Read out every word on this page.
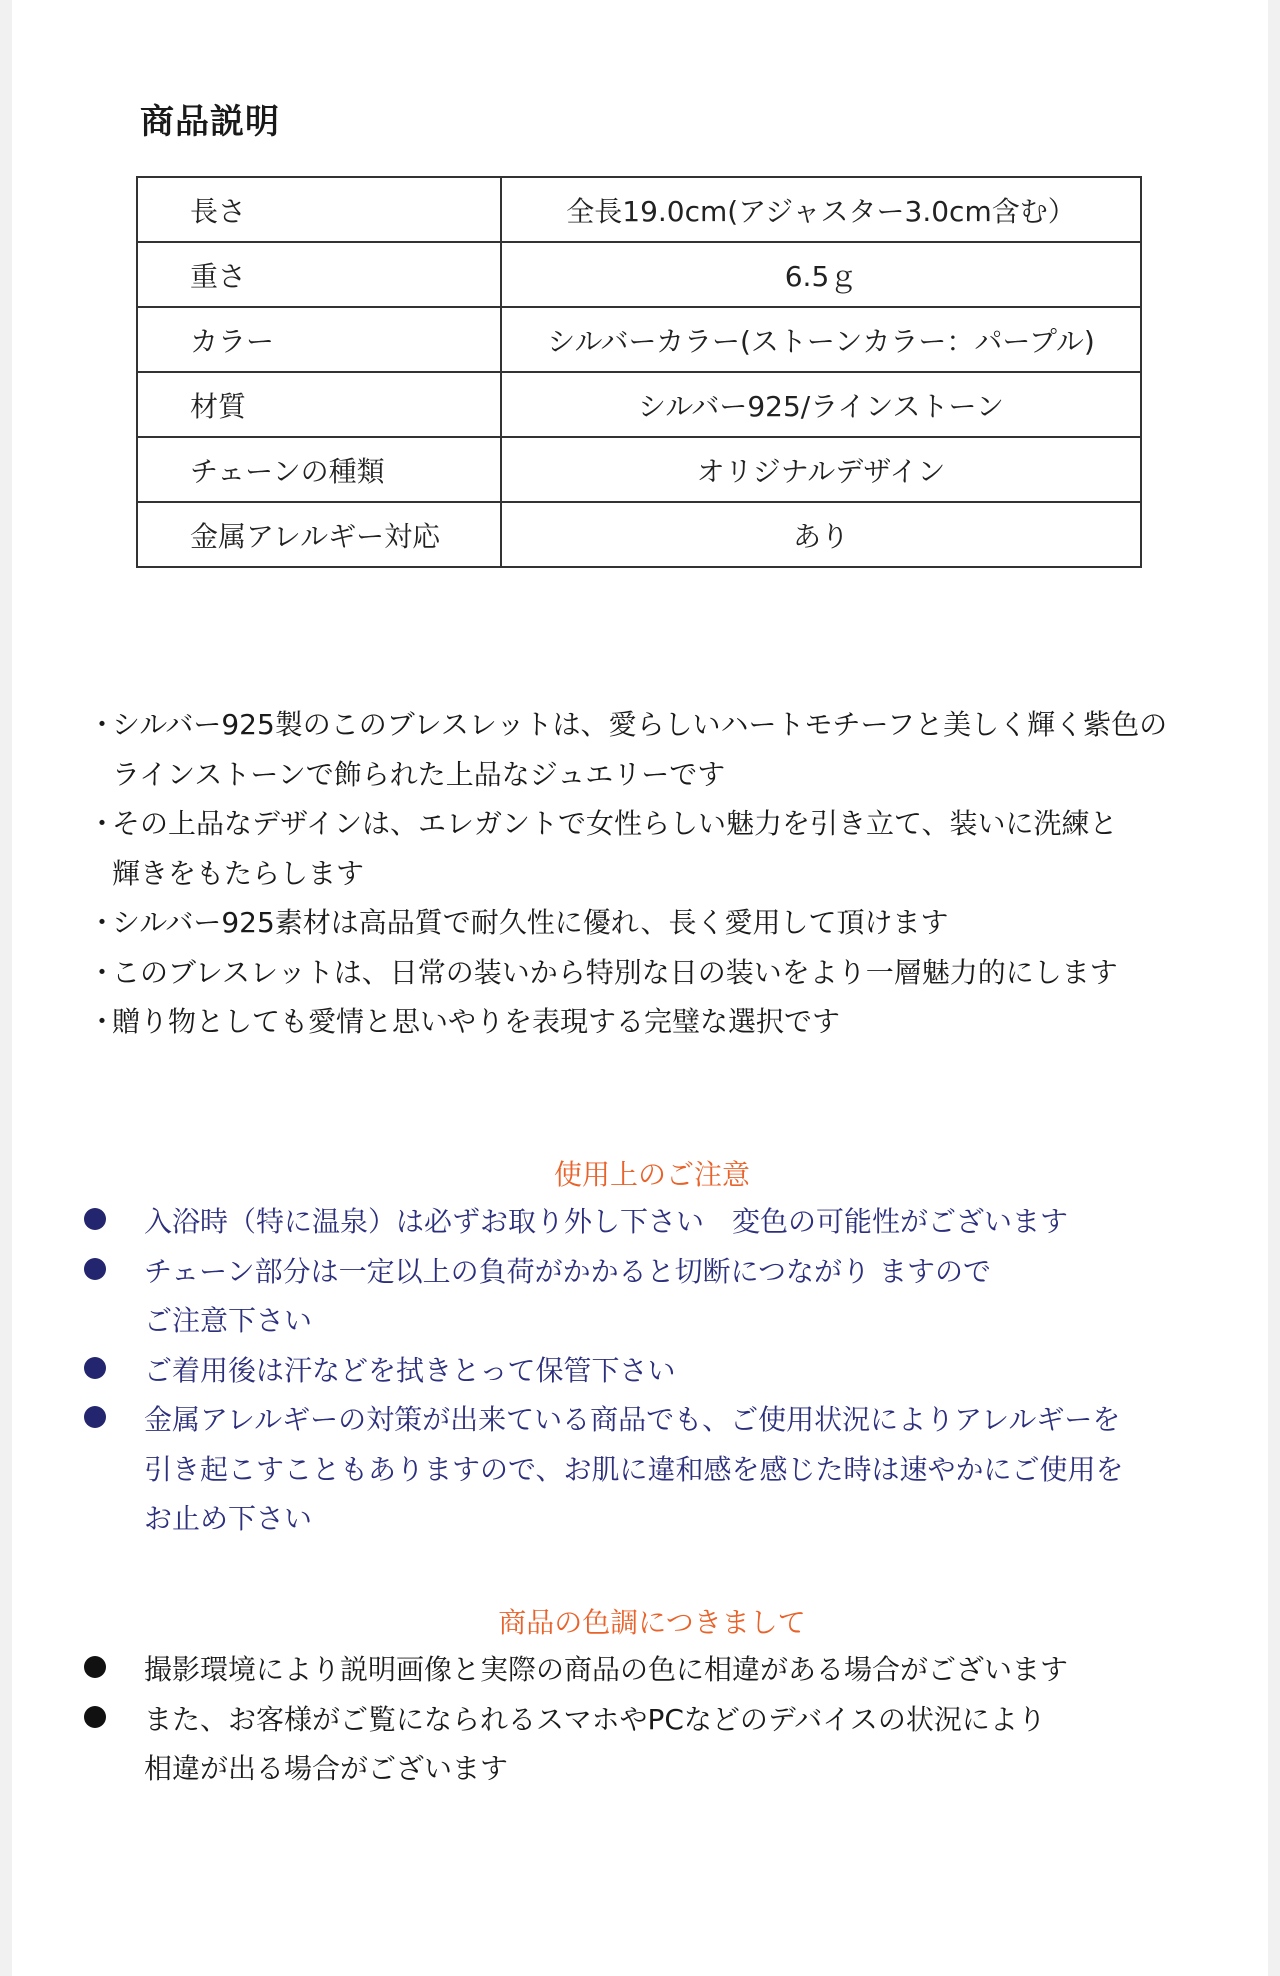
商品説明
長さ	全長19.0cm(アジャスター3.0cm含む）
重さ	6.5ｇ
カラー	シルバーカラー(ストーンカラー：パープル)
材質	シルバー925/ラインストーン
チェーンの種類	オリジナルデザイン
金属アレルギー対応	あり
・
シルバー925製のこのブレスレットは、愛らしいハートモチーフと美しく輝く紫色の
ラインストーンで飾られた上品なジュエリーです
・
その上品なデザインは、エレガントで女性らしい魅力を引き立て、装いに洗練と
輝きをもたらします
・
シルバー925素材は高品質で耐久性に優れ、長く愛用して頂けます
・
このブレスレットは、日常の装いから特別な日の装いをより一層魅力的にします
・
贈り物としても愛情と思いやりを表現する完璧な選択です
使用上のご注意
入浴時（特に温泉）は必ずお取り外し下さい　変色の可能性がございます
チェーン部分は一定以上の負荷がかかると切断につながり ますので
ご注意下さい
ご着用後は汗などを拭きとって保管下さい
金属アレルギーの対策が出来ている商品でも、ご使用状況によりアレルギーを
引き起こすこともありますので、お肌に違和感を感じた時は速やかにご使用を
お止め下さい
商品の色調につきまして
撮影環境により説明画像と実際の商品の色に相違がある場合がございます
また、お客様がご覧になられるスマホやPCなどのデバイスの状況により
相違が出る場合がございます
